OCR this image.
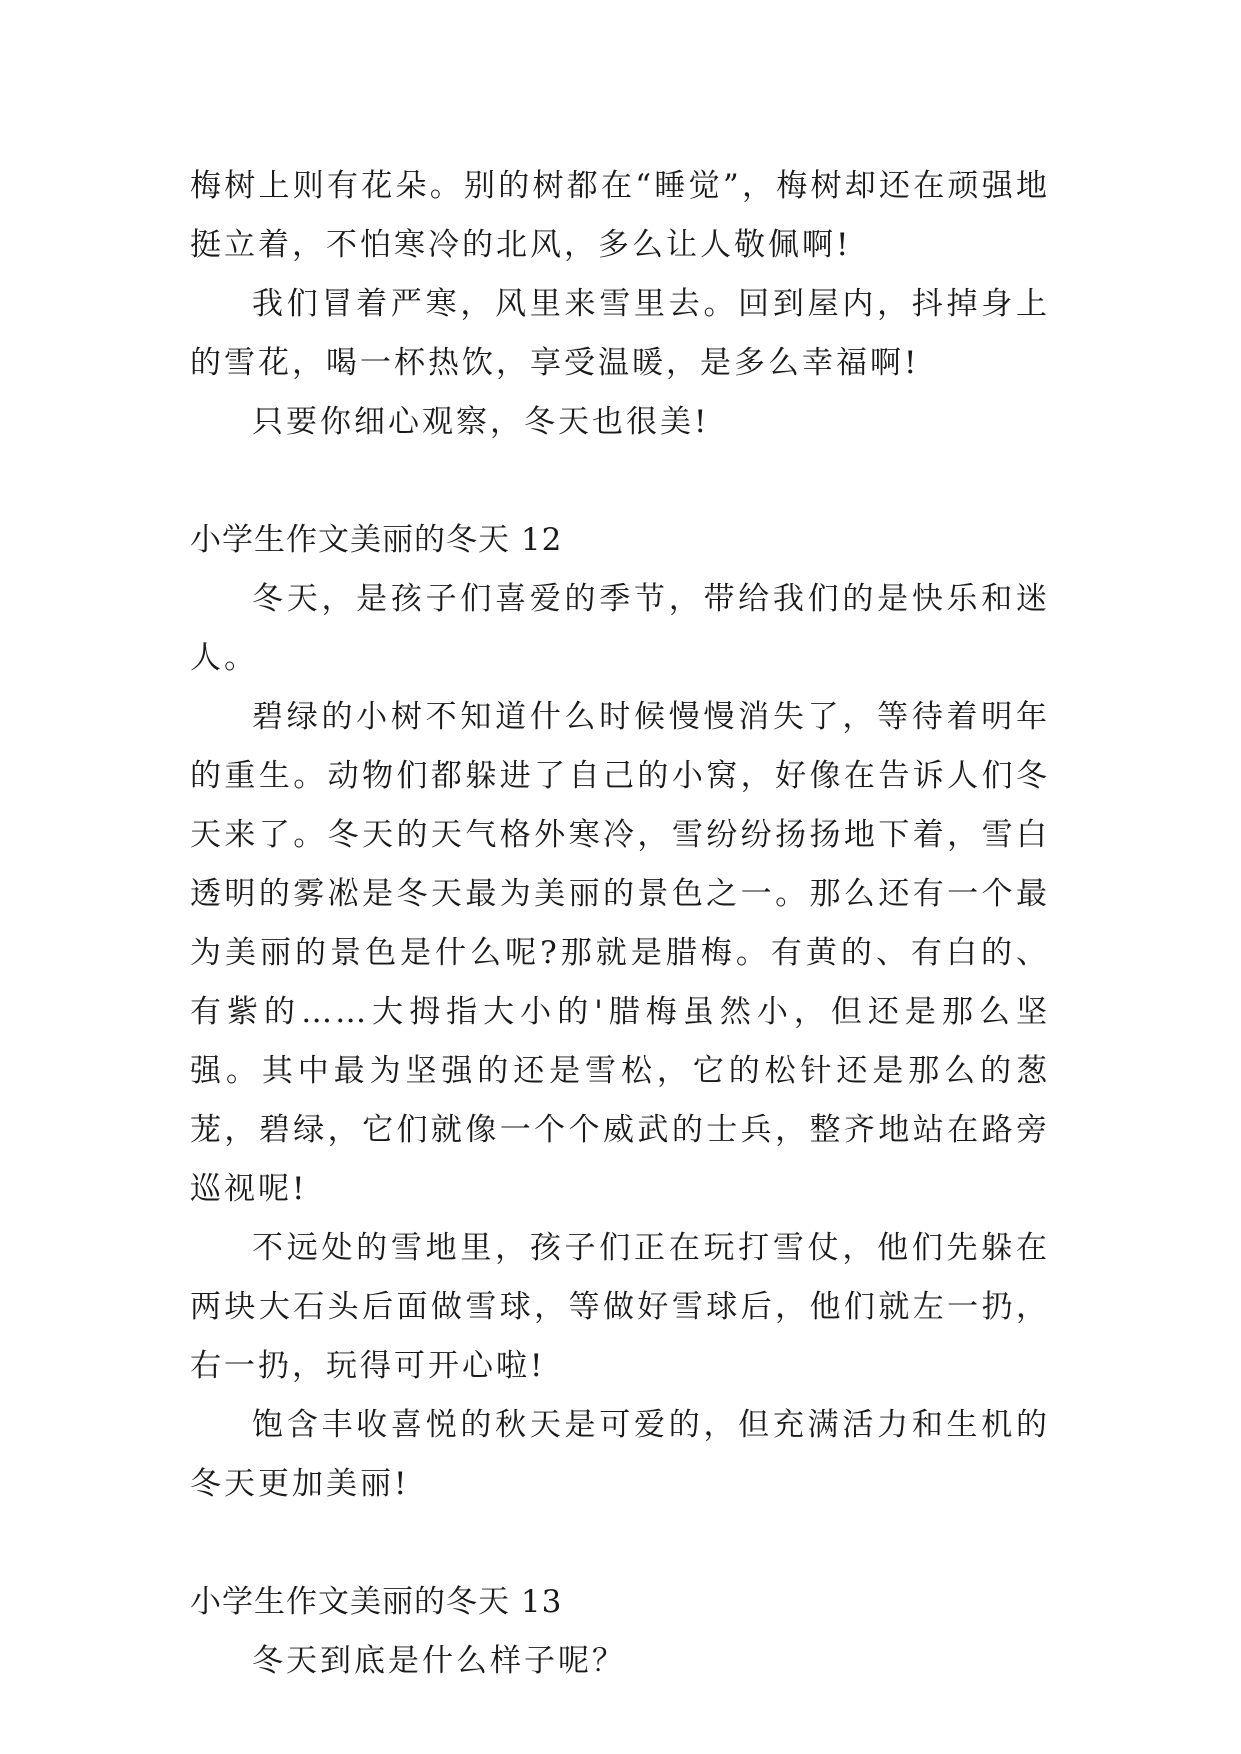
梅树上则有花朵。别的树都在“睡觉”，梅树却还在顽强地挺立着，不怕寒冷的北风，多么让人敬佩啊!

我们冒着严寒，风里来雪里去。回到屋内，抖掉身上的雪花，喝一杯热饮，享受温暖，是多么幸福啊!

只要你细心观察，冬天也很美!

小学生作文美丽的冬天 12

冬天，是孩子们喜爱的季节，带给我们的是快乐和迷人。

碧绿的小树不知道什么时候慢慢消失了，等待着明年的重生。动物们都躲进了自己的小窝，好像在告诉人们冬天来了。冬天的天气格外寒冷，雪纷纷扬扬地下着，雪白透明的雾凇是冬天最为美丽的景色之一。那么还有一个最为美丽的景色是什么呢?那就是腊梅。有黄的、有白的、有紫的……大拇指大小的'腊梅虽然小，但还是那么坚强。其中最为坚强的还是雪松，它的松针还是那么的葱茏，碧绿，它们就像一个个威武的士兵，整齐地站在路旁巡视呢!

不远处的雪地里，孩子们正在玩打雪仗，他们先躲在两块大石头后面做雪球，等做好雪球后，他们就左一扔，右一扔，玩得可开心啦!

饱含丰收喜悦的秋天是可爱的，但充满活力和生机的冬天更加美丽!

小学生作文美丽的冬天 13

冬天到底是什么样子呢？
